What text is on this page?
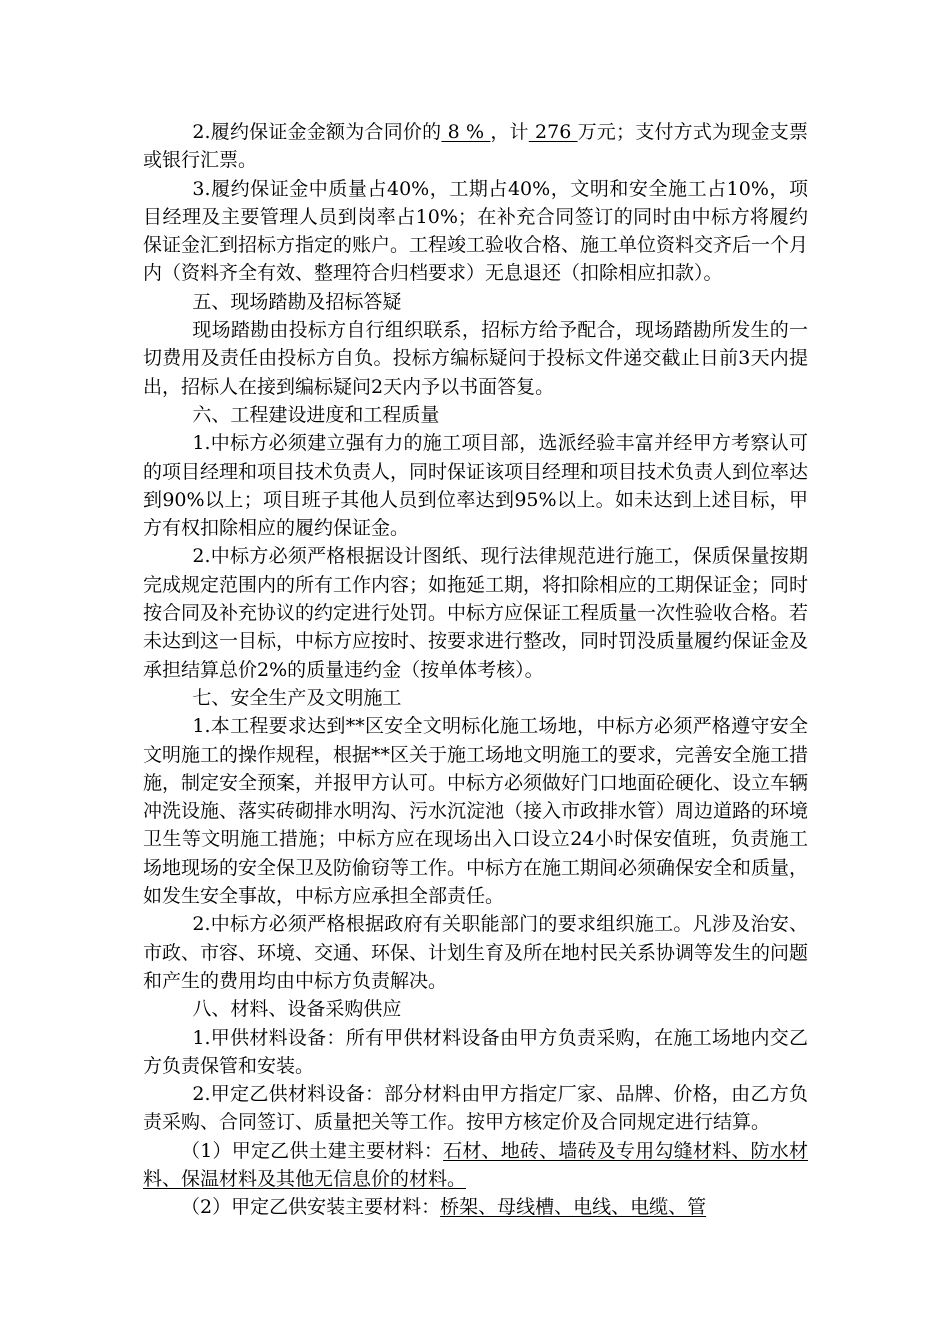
2.履约保证金金额为合同价的 8 % ，计 276 万元；支付方式为现金支票或银行汇票。

3.履约保证金中质量占40%，工期占40%，文明和安全施工占10%，项目经理及主要管理人员到岗率占10%；在补充合同签订的同时由中标方将履约保证金汇到招标方指定的账户。工程竣工验收合格、施工单位资料交齐后一个月内（资料齐全有效、整理符合归档要求）无息退还（扣除相应扣款）。

五、现场踏勘及招标答疑

现场踏勘由投标方自行组织联系，招标方给予配合，现场踏勘所发生的一切费用及责任由投标方自负。投标方编标疑问于投标文件递交截止日前3天内提出，招标人在接到编标疑问2天内予以书面答复。

六、工程建设进度和工程质量

1.中标方必须建立强有力的施工项目部，选派经验丰富并经甲方考察认可的项目经理和项目技术负责人，同时保证该项目经理和项目技术负责人到位率达到90%以上；项目班子其他人员到位率达到95%以上。如未达到上述目标，甲方有权扣除相应的履约保证金。

2.中标方必须严格根据设计图纸、现行法律规范进行施工，保质保量按期完成规定范围内的所有工作内容；如拖延工期，将扣除相应的工期保证金；同时按合同及补充协议的约定进行处罚。中标方应保证工程质量一次性验收合格。若未达到这一目标，中标方应按时、按要求进行整改，同时罚没质量履约保证金及承担结算总价2%的质量违约金（按单体考核）。

七、安全生产及文明施工

1.本工程要求达到**区安全文明标化施工场地，中标方必须严格遵守安全文明施工的操作规程，根据**区关于施工场地文明施工的要求，完善安全施工措施，制定安全预案，并报甲方认可。中标方必须做好门口地面砼硬化、设立车辆冲洗设施、落实砖砌排水明沟、污水沉淀池（接入市政排水管）周边道路的环境卫生等文明施工措施；中标方应在现场出入口设立24小时保安值班，负责施工场地现场的安全保卫及防偷窃等工作。中标方在施工期间必须确保安全和质量，如发生安全事故，中标方应承担全部责任。

2.中标方必须严格根据政府有关职能部门的要求组织施工。凡涉及治安、市政、市容、环境、交通、环保、计划生育及所在地村民关系协调等发生的问题和产生的费用均由中标方负责解决。

八、材料、设备采购供应

1.甲供材料设备：所有甲供材料设备由甲方负责采购，在施工场地内交乙方负责保管和安装。

2.甲定乙供材料设备：部分材料由甲方指定厂家、品牌、价格，由乙方负责采购、合同签订、质量把关等工作。按甲方核定价及合同规定进行结算。

（1）甲定乙供土建主要材料：石材、地砖、墙砖及专用勾缝材料、防水材料、保温材料及其他无信息价的材料。

（2）甲定乙供安装主要材料：桥架、母线槽、电线、电缆、管
